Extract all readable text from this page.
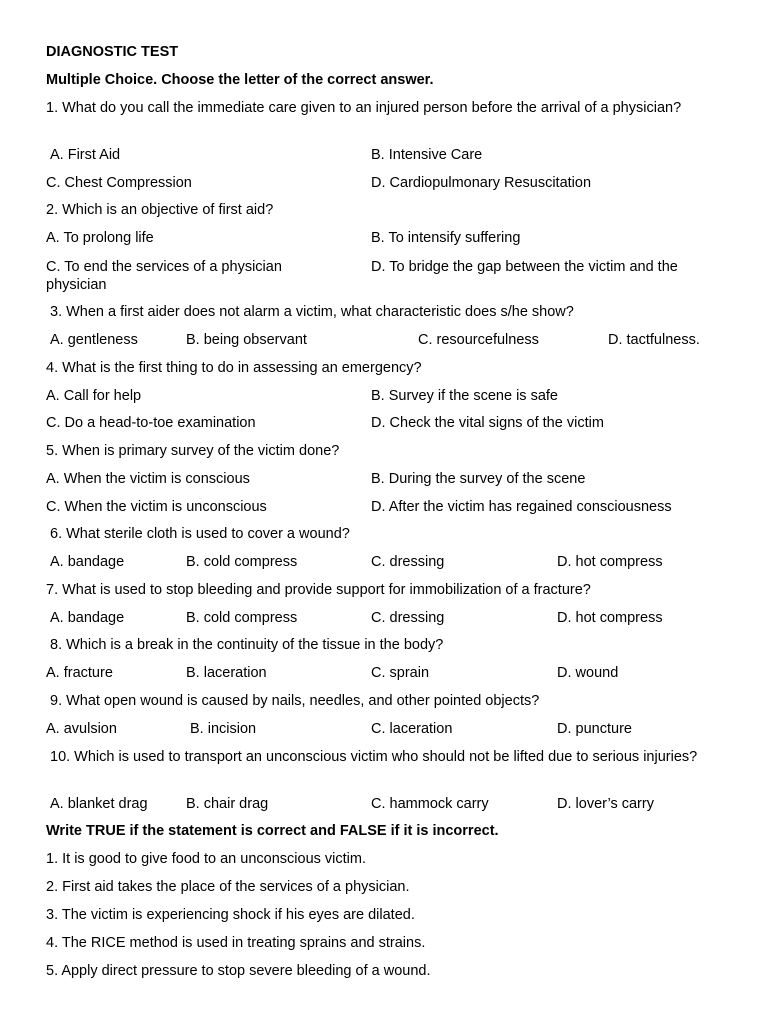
DIAGNOSTIC TEST
Multiple Choice. Choose the letter of the correct answer.
1. What do you call the immediate care given to an injured person before the arrival of a physician?
A. First Aid	B. Intensive Care
C. Chest Compression	D. Cardiopulmonary Resuscitation
2. Which is an objective of first aid?
A. To prolong life	B. To intensify suffering
C. To end the services of a physician	D. To bridge the gap between the victim and the
physician
3. When a first aider does not alarm a victim, what characteristic does s/he show?
A. gentleness	B. being observant	C. resourcefulness	D. tactfulness.
4. What is the first thing to do in assessing an emergency?
A. Call for help	B. Survey if the scene is safe
C. Do a head-to-toe examination	D. Check the vital signs of the victim
5. When is primary survey of the victim done?
A. When the victim is conscious	B. During the survey of the scene
C. When the victim is unconscious	D. After the victim has regained consciousness
6. What sterile cloth is used to cover a wound?
A. bandage	B. cold compress	C. dressing	D. hot compress
7. What is used to stop bleeding and provide support for immobilization of a fracture?
A. bandage	B. cold compress	C. dressing	D. hot compress
8. Which is a break in the continuity of the tissue in the body?
A. fracture	B. laceration	C. sprain	D. wound
9. What open wound is caused by nails, needles, and other pointed objects?
A. avulsion	B. incision	C. laceration	D. puncture
10. Which is used to transport an unconscious victim who should not be lifted due to serious injuries?
A. blanket drag	B. chair drag	C. hammock carry	D. lover’s carry
Write TRUE if the statement is correct and FALSE if it is incorrect.
1. It is good to give food to an unconscious victim.
2. First aid takes the place of the services of a physician.
3. The victim is experiencing shock if his eyes are dilated.
4. The RICE method is used in treating sprains and strains.
5. Apply direct pressure to stop severe bleeding of a wound.
